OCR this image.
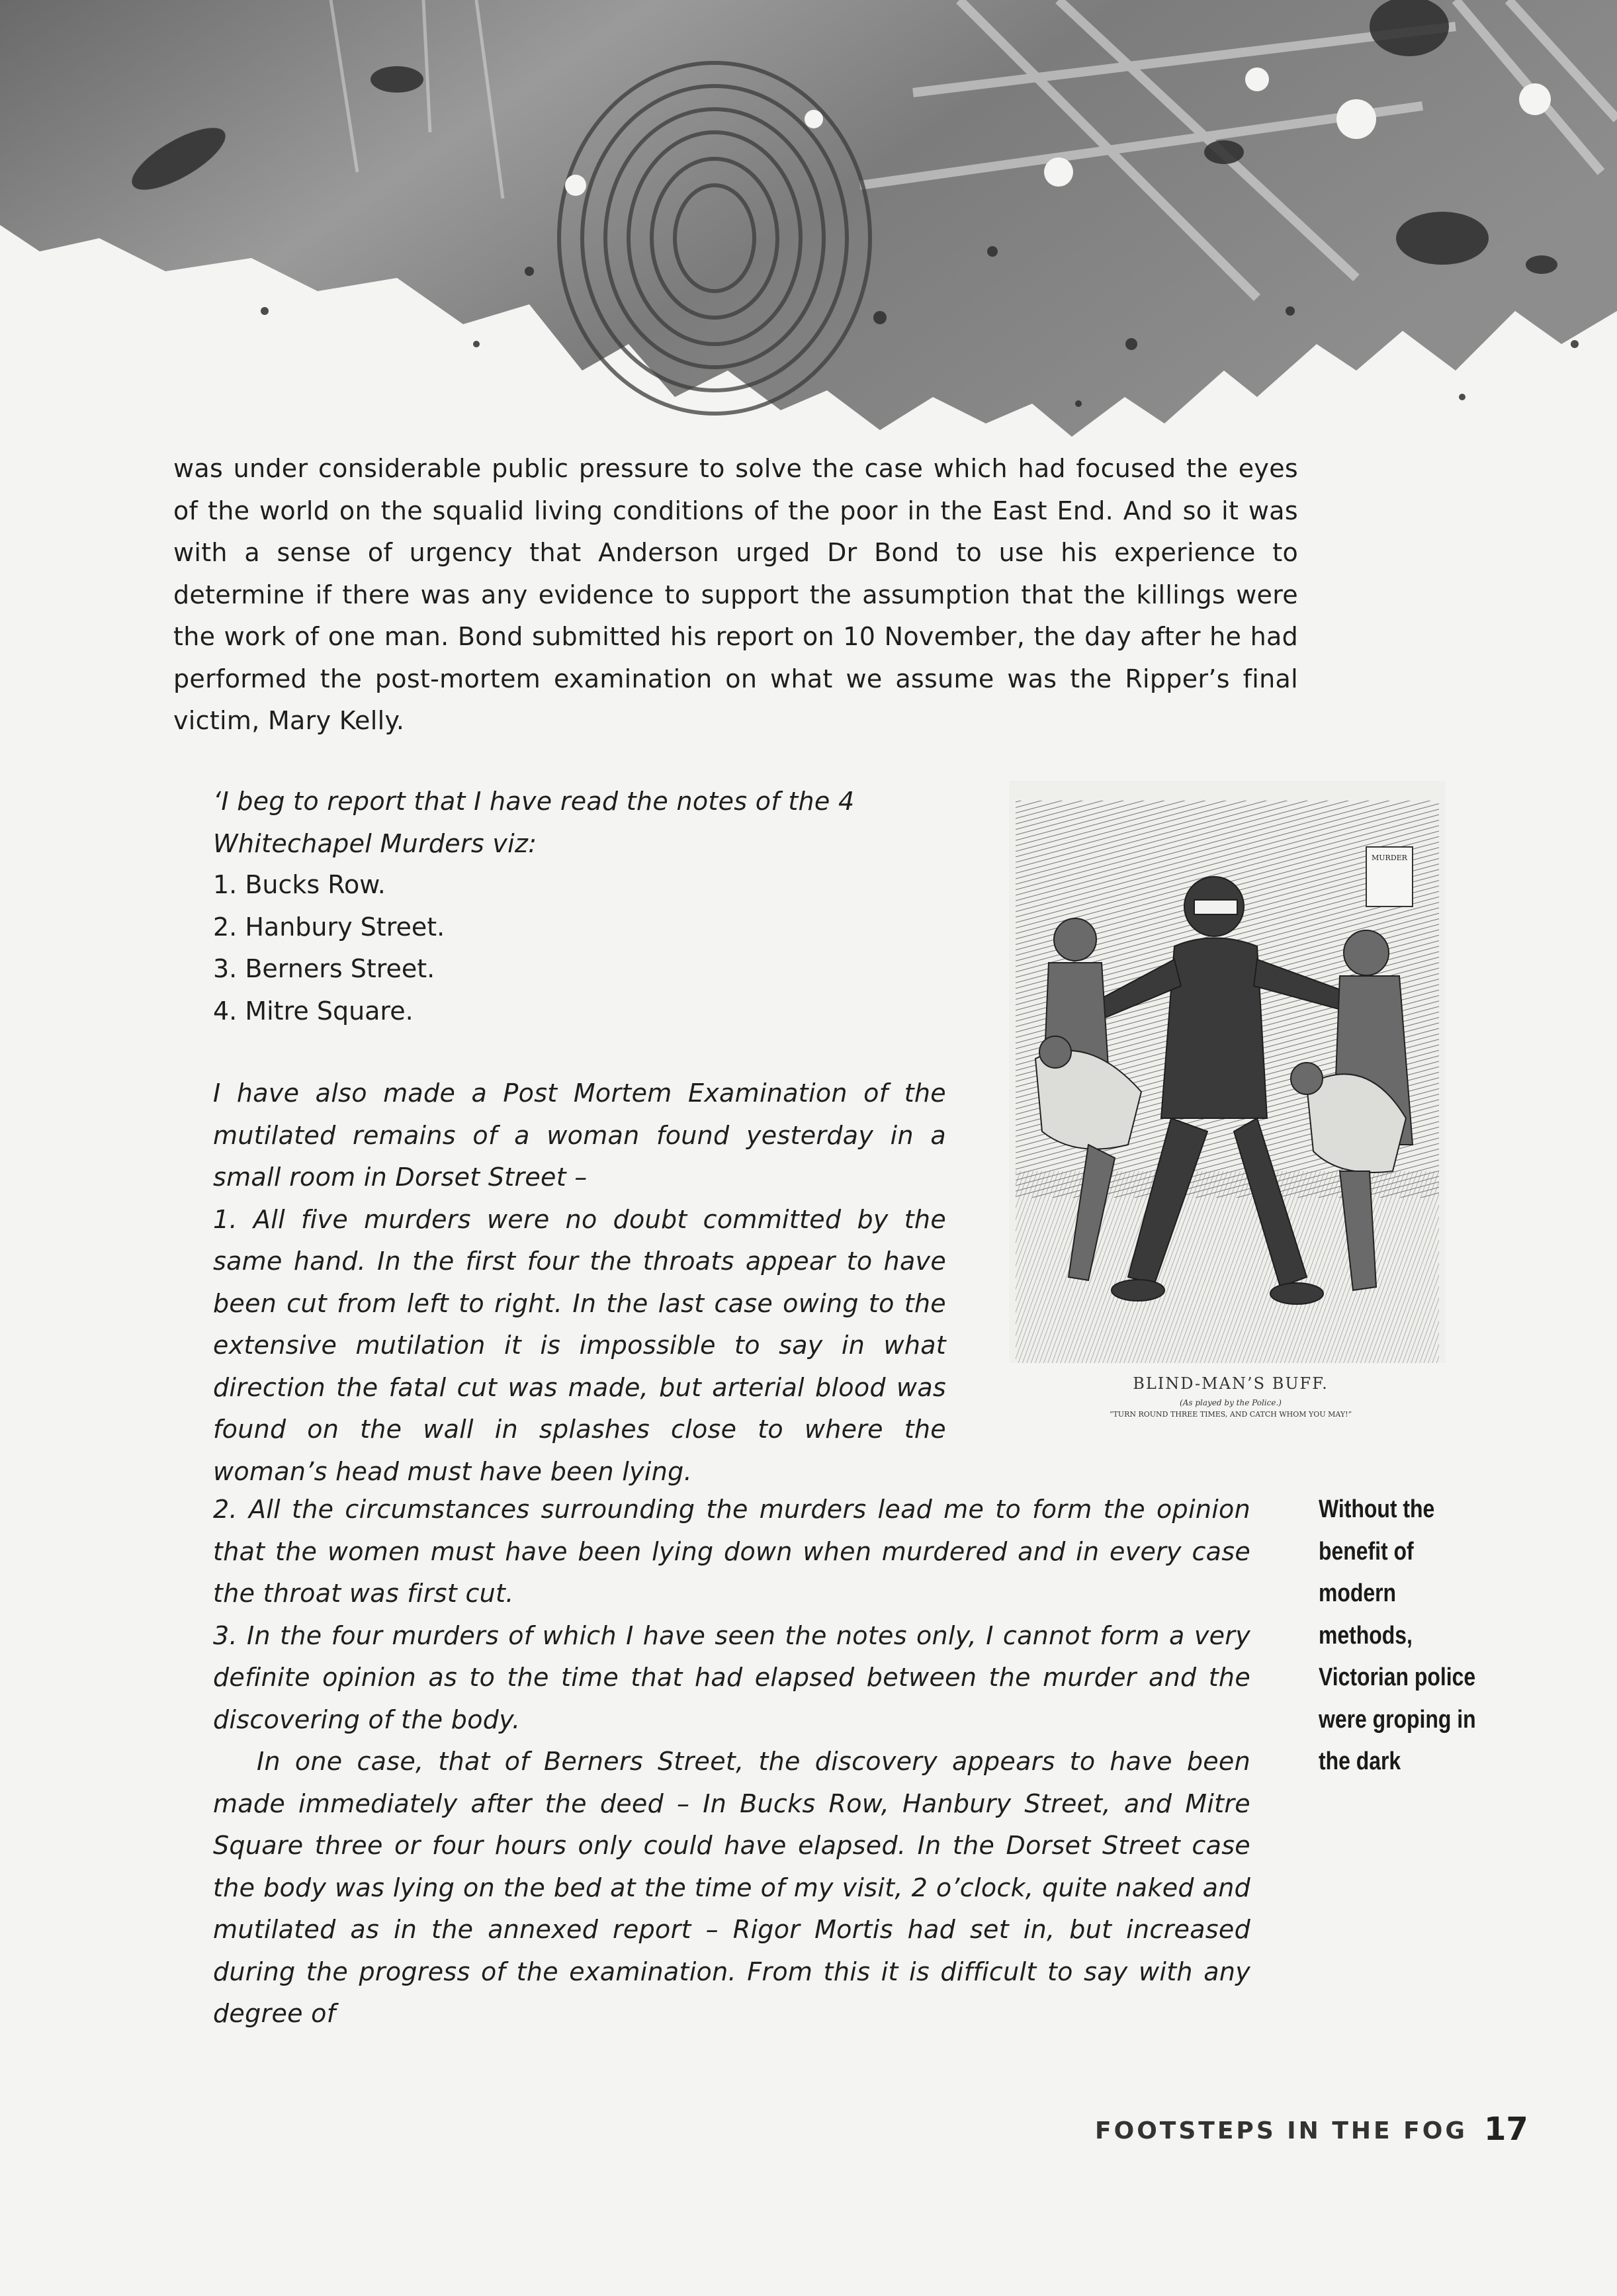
was under considerable public pressure to solve the case which had focused the eyes of the world on the squalid living conditions of the poor in the East End. And so it was with a sense of urgency that Anderson urged Dr Bond to use his experience to determine if there was any evidence to support the assumption that the killings were the work of one man. Bond submitted his report on 10 November, the day after he had performed the post-mortem examination on what we assume was the Ripper’s final victim, Mary Kelly.

‘I beg to report that I have read the notes of the 4 Whitechapel Murders viz:
1. Bucks Row.
2. Hanbury Street.
3. Berners Street.
4. Mitre Square.

I have also made a Post Mortem Examination of the mutilated remains of a woman found yesterday in a small room in Dorset Street –

1. All five murders were no doubt committed by the same hand. In the first four the throats appear to have been cut from left to right. In the last case owing to the extensive mutilation it is impossible to say in what direction the fatal cut was made, but arterial blood was found on the wall in splashes close to where the woman’s head must have been lying.

2. All the circumstances surrounding the murders lead me to form the opinion that the women must have been lying down when murdered and in every case the throat was first cut.

3. In the four murders of which I have seen the notes only, I cannot form a very definite opinion as to the time that had elapsed between the murder and the discovering of the body.

In one case, that of Berners Street, the discovery appears to have been made immediately after the deed – In Bucks Row, Hanbury Street, and Mitre Square three or four hours only could have elapsed. In the Dorset Street case the body was lying on the bed at the time of my visit, 2 o’clock, quite naked and mutilated as in the annexed report – Rigor Mortis had set in, but increased during the progress of the examination. From this it is difficult to say with any degree of

MURDER
BLIND-MAN’S BUFF.
(As played by the Police.)
“TURN ROUND THREE TIMES, AND CATCH WHOM YOU MAY!”

Without the benefit of modern methods, Victorian police were groping in the dark

FOOTSTEPS IN THE FOG 17
